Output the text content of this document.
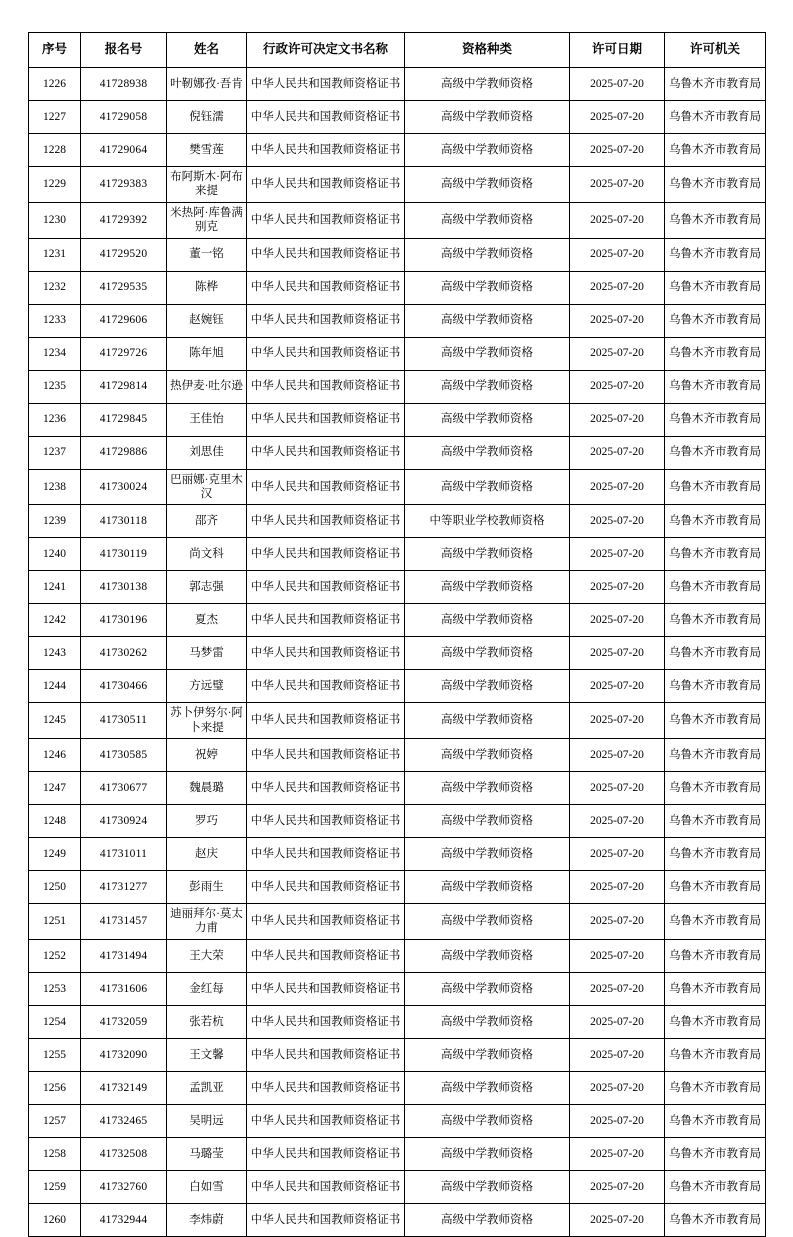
序号	报名号	姓名	行政许可决定文书名称	资格种类	许可日期	许可机关
1226	41728938	叶靭娜孜·吾肯	中华人民共和国教师资格证书	高级中学教师资格	2025-07-20	乌鲁木齐市教育局
1227	41729058	倪钰濡	中华人民共和国教师资格证书	高级中学教师资格	2025-07-20	乌鲁木齐市教育局
1228	41729064	樊雪莲	中华人民共和国教师资格证书	高级中学教师资格	2025-07-20	乌鲁木齐市教育局
1229	41729383	布阿斯木·阿布来提	中华人民共和国教师资格证书	高级中学教师资格	2025-07-20	乌鲁木齐市教育局
1230	41729392	米热阿·库鲁满别克	中华人民共和国教师资格证书	高级中学教师资格	2025-07-20	乌鲁木齐市教育局
1231	41729520	董一铭	中华人民共和国教师资格证书	高级中学教师资格	2025-07-20	乌鲁木齐市教育局
1232	41729535	陈桦	中华人民共和国教师资格证书	高级中学教师资格	2025-07-20	乌鲁木齐市教育局
1233	41729606	赵婉钰	中华人民共和国教师资格证书	高级中学教师资格	2025-07-20	乌鲁木齐市教育局
1234	41729726	陈年旭	中华人民共和国教师资格证书	高级中学教师资格	2025-07-20	乌鲁木齐市教育局
1235	41729814	热伊麦·吐尔逊	中华人民共和国教师资格证书	高级中学教师资格	2025-07-20	乌鲁木齐市教育局
1236	41729845	王佳怡	中华人民共和国教师资格证书	高级中学教师资格	2025-07-20	乌鲁木齐市教育局
1237	41729886	刘思佳	中华人民共和国教师资格证书	高级中学教师资格	2025-07-20	乌鲁木齐市教育局
1238	41730024	巴丽娜·克里木汉	中华人民共和国教师资格证书	高级中学教师资格	2025-07-20	乌鲁木齐市教育局
1239	41730118	邵齐	中华人民共和国教师资格证书	中等职业学校教师资格	2025-07-20	乌鲁木齐市教育局
1240	41730119	尚文科	中华人民共和国教师资格证书	高级中学教师资格	2025-07-20	乌鲁木齐市教育局
1241	41730138	郭志强	中华人民共和国教师资格证书	高级中学教师资格	2025-07-20	乌鲁木齐市教育局
1242	41730196	夏杰	中华人民共和国教师资格证书	高级中学教师资格	2025-07-20	乌鲁木齐市教育局
1243	41730262	马梦雷	中华人民共和国教师资格证书	高级中学教师资格	2025-07-20	乌鲁木齐市教育局
1244	41730466	方远璧	中华人民共和国教师资格证书	高级中学教师资格	2025-07-20	乌鲁木齐市教育局
1245	41730511	苏卜伊努尔·阿卜来提	中华人民共和国教师资格证书	高级中学教师资格	2025-07-20	乌鲁木齐市教育局
1246	41730585	祝婷	中华人民共和国教师资格证书	高级中学教师资格	2025-07-20	乌鲁木齐市教育局
1247	41730677	魏晨璐	中华人民共和国教师资格证书	高级中学教师资格	2025-07-20	乌鲁木齐市教育局
1248	41730924	罗巧	中华人民共和国教师资格证书	高级中学教师资格	2025-07-20	乌鲁木齐市教育局
1249	41731011	赵庆	中华人民共和国教师资格证书	高级中学教师资格	2025-07-20	乌鲁木齐市教育局
1250	41731277	彭雨生	中华人民共和国教师资格证书	高级中学教师资格	2025-07-20	乌鲁木齐市教育局
1251	41731457	迪丽拜尔·莫太力甫	中华人民共和国教师资格证书	高级中学教师资格	2025-07-20	乌鲁木齐市教育局
1252	41731494	王大荣	中华人民共和国教师资格证书	高级中学教师资格	2025-07-20	乌鲁木齐市教育局
1253	41731606	金红每	中华人民共和国教师资格证书	高级中学教师资格	2025-07-20	乌鲁木齐市教育局
1254	41732059	张若杭	中华人民共和国教师资格证书	高级中学教师资格	2025-07-20	乌鲁木齐市教育局
1255	41732090	王文馨	中华人民共和国教师资格证书	高级中学教师资格	2025-07-20	乌鲁木齐市教育局
1256	41732149	孟凯亚	中华人民共和国教师资格证书	高级中学教师资格	2025-07-20	乌鲁木齐市教育局
1257	41732465	吴明远	中华人民共和国教师资格证书	高级中学教师资格	2025-07-20	乌鲁木齐市教育局
1258	41732508	马璐莹	中华人民共和国教师资格证书	高级中学教师资格	2025-07-20	乌鲁木齐市教育局
1259	41732760	白如雪	中华人民共和国教师资格证书	高级中学教师资格	2025-07-20	乌鲁木齐市教育局
1260	41732944	李炜蔚	中华人民共和国教师资格证书	高级中学教师资格	2025-07-20	乌鲁木齐市教育局
